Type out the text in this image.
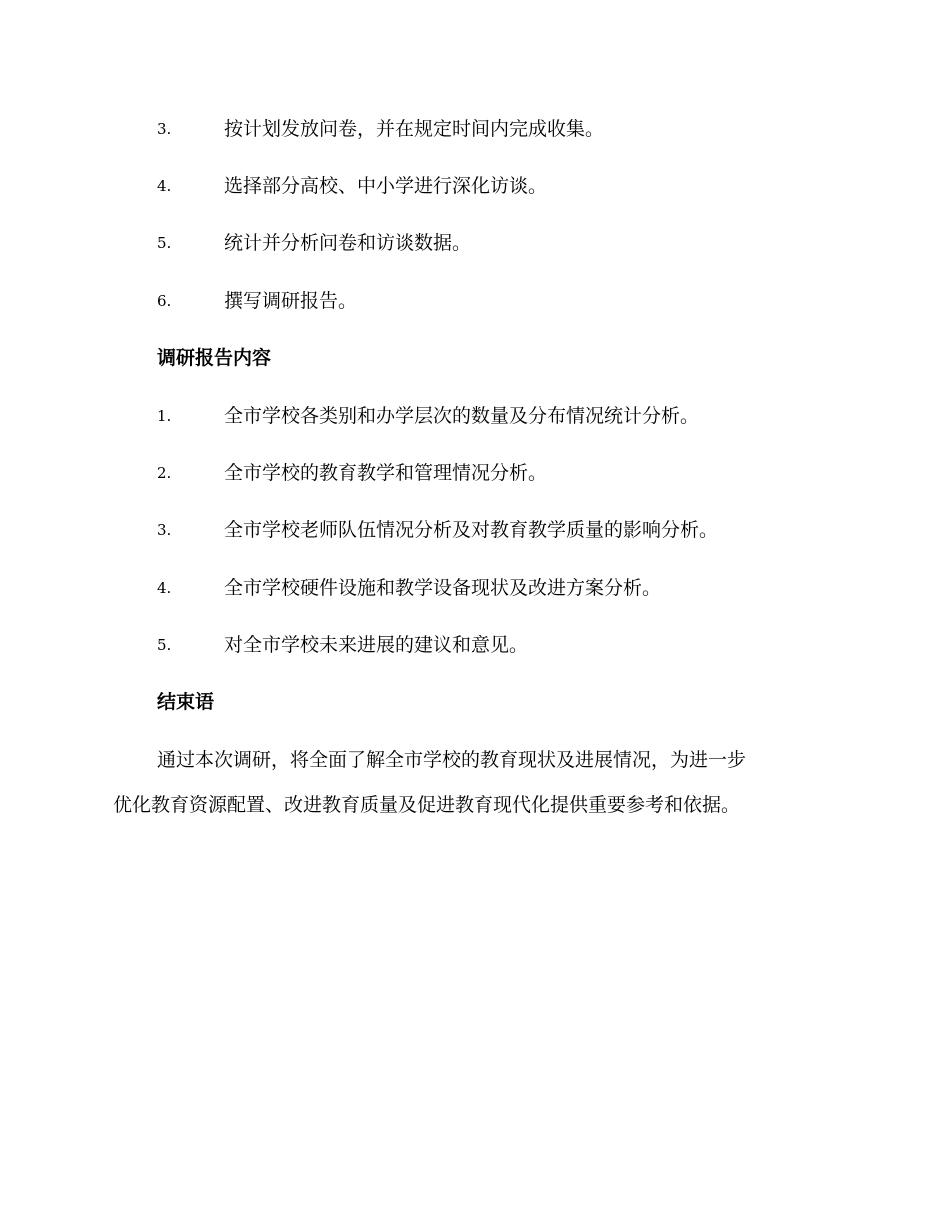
3.	按计划发放问卷，并在规定时间内完成收集。
4.	选择部分高校、中小学进行深化访谈。
5.	统计并分析问卷和访谈数据。
6.	撰写调研报告。
调研报告内容
1.	全市学校各类别和办学层次的数量及分布情况统计分析。
2.	全市学校的教育教学和管理情况分析。
3.	全市学校老师队伍情况分析及对教育教学质量的影响分析。
4.	全市学校硬件设施和教学设备现状及改进方案分析。
5.	对全市学校未来进展的建议和意见。
结束语
通过本次调研，将全面了解全市学校的教育现状及进展情况，为进一步
优化教育资源配置、改进教育质量及促进教育现代化提供重要参考和依据。
